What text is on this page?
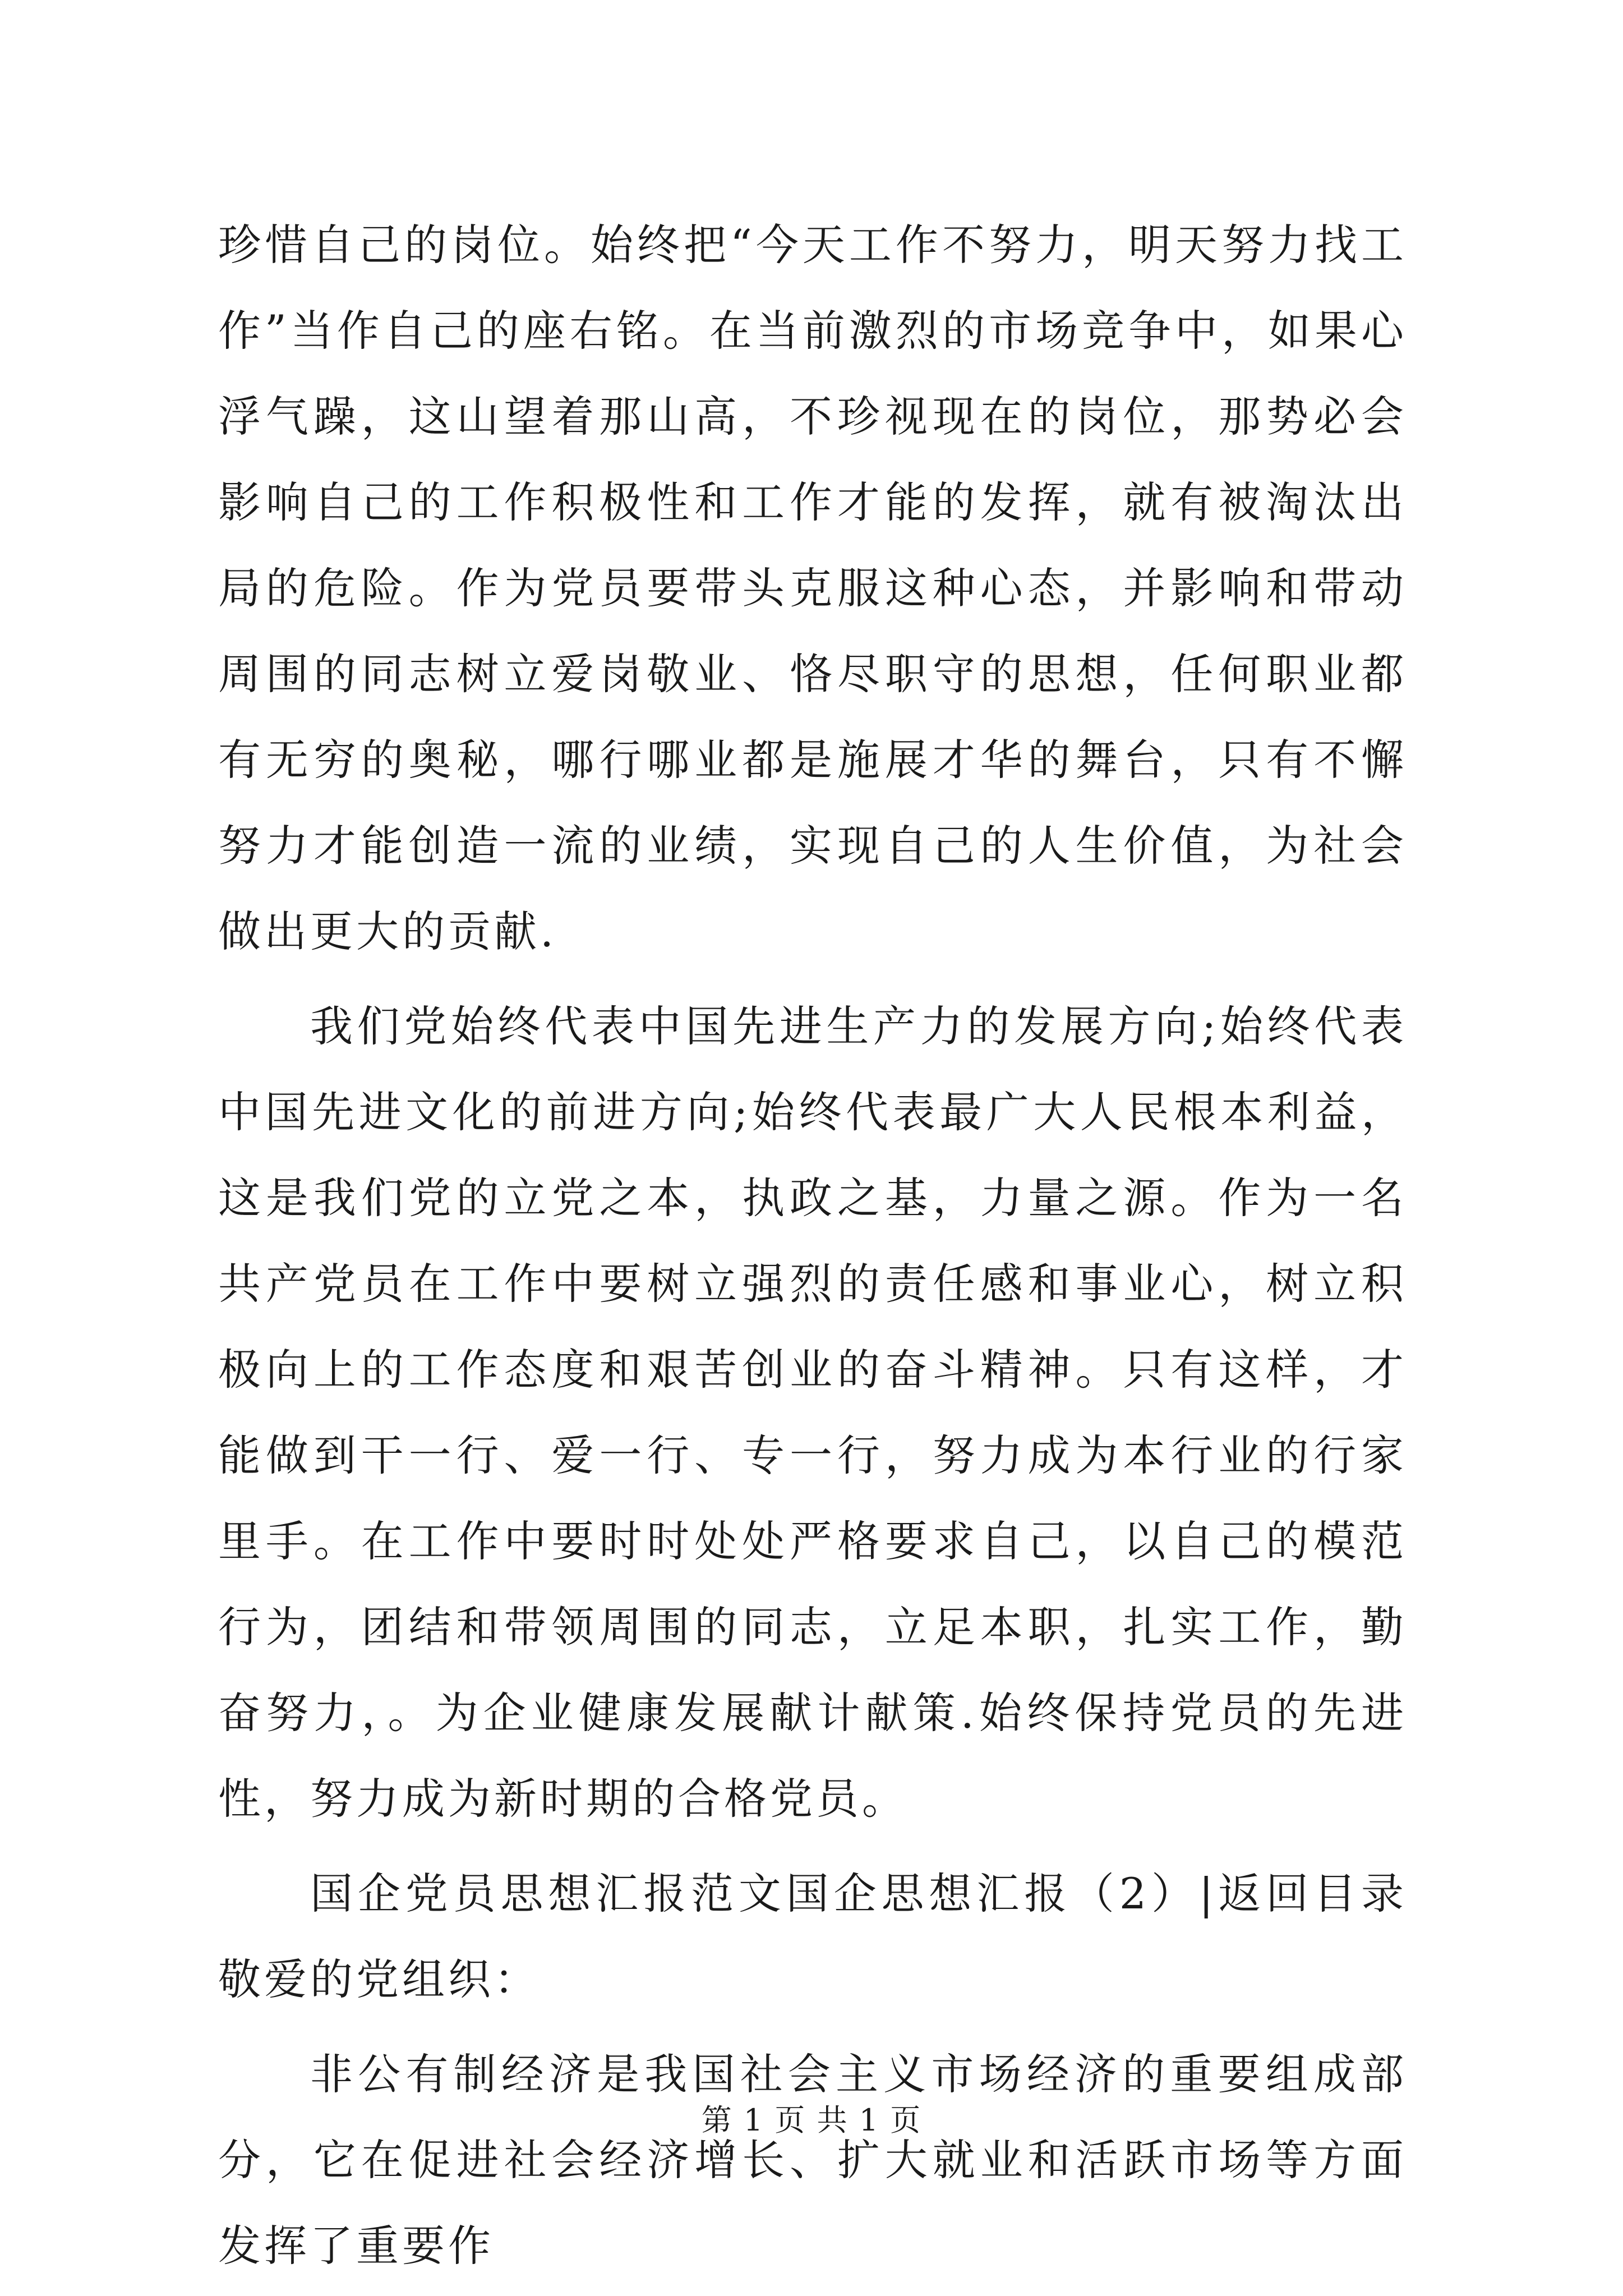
珍惜自己的岗位。始终把“今天工作不努力，明天努力找工作”当作自己的座右铭。在当前激烈的市场竞争中，如果心浮气躁，这山望着那山高，不珍视现在的岗位，那势必会影响自己的工作积极性和工作才能的发挥，就有被淘汰出局的危险。作为党员要带头克服这种心态，并影响和带动周围的同志树立爱岗敬业、恪尽职守的思想，任何职业都有无穷的奥秘，哪行哪业都是施展才华的舞台，只有不懈努力才能创造一流的业绩，实现自己的人生价值，为社会做出更大的贡献.

我们党始终代表中国先进生产力的发展方向;始终代表中国先进文化的前进方向;始终代表最广大人民根本利益，这是我们党的立党之本，执政之基，力量之源。作为一名共产党员在工作中要树立强烈的责任感和事业心，树立积极向上的工作态度和艰苦创业的奋斗精神。只有这样，才能做到干一行、爱一行、专一行，努力成为本行业的行家里手。在工作中要时时处处严格要求自己，以自己的模范行为，团结和带领周围的同志，立足本职，扎实工作，勤奋努力，。为企业健康发展献计献策.始终保持党员的先进性，努力成为新时期的合格党员。

国企党员思想汇报范文国企思想汇报（2）|返回目录敬爱的党组织：

非公有制经济是我国社会主义市场经济的重要组成部分，它在促进社会经济增长、扩大就业和活跃市场等方面发挥了重要作

第 1 页 共 1 页
